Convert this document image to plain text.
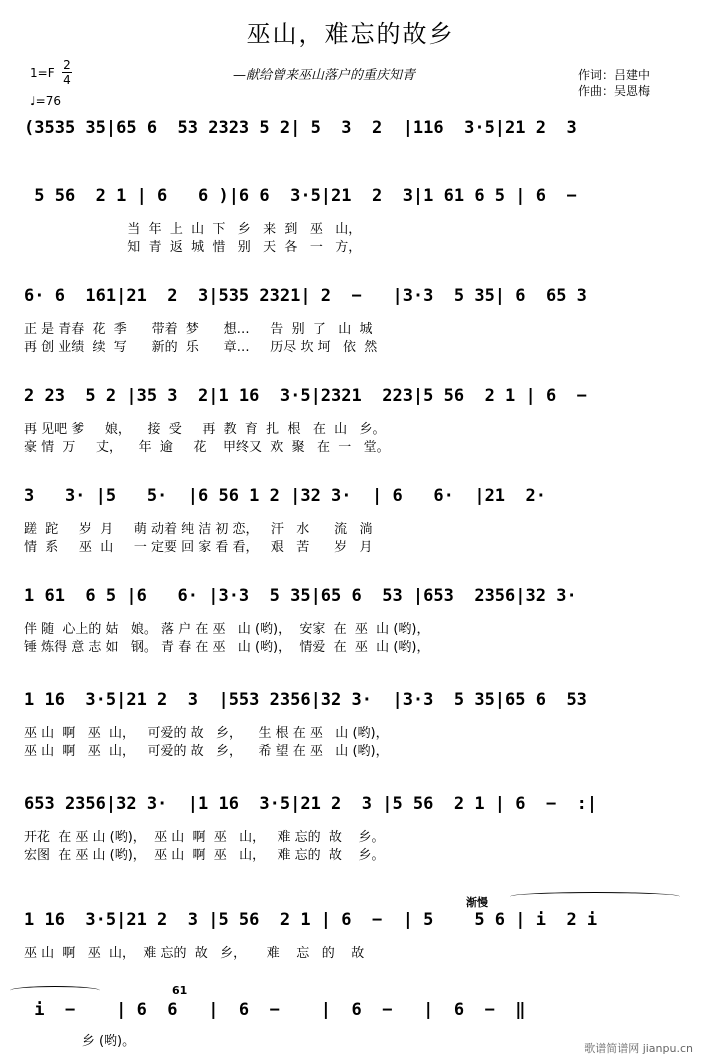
巫山，难忘的故乡
—献给曾来巫山落户的重庆知青	作词：吕建中
作曲：吴恩梅
1=F
2
4
♩=76
(3535 35|65 6  53 2323 5 2| 5  3  2  |116  3·5|21 2  3
5 56  2 1 | 6   6 )|6 6  3·5|21  2  3|1 61 6 5 | 6  −
当  年  上  山  下   乡   来  到   巫   山，
知  青  返  城  惜   别   天  各   一   方，
6· 6  161|21  2  3|535 2321| 2  −   |3·3  5 35| 6  65 3
正 是 青春  花  季      带着  梦      想…     告  别  了   山  城
再 创 业绩  续  写      新的  乐      章…     历尽 坎 坷   依  然
2 23  5 2 |35 3  2|1 16  3·5|2321  223|5 56  2 1 | 6  −
再 见吧 爹     娘，    接  受     再  教  育  扎  根   在  山   乡。
豪 情  万     丈，    年  逾     花    甲终又  欢  聚   在  一   堂。
3   3· |5   5·  |6 56 1 2 |32 3·  | 6   6·  |21  2·
蹉  跎     岁  月     萌 动着 纯 洁 初 恋，   汗   水      流   淌
情  系     巫  山     一 定要 回 家 看 看，   艰   苦      岁   月
1 61  6 5 |6   6· |3·3  5 35|65 6  53 |653  2356|32 3·
伴 随  心上的 姑   娘。 落 户 在 巫   山 (哟)，  安家  在  巫  山 (哟)，
锤 炼得 意 志 如   钢。 青 春 在 巫   山 (哟)，  情爱  在  巫  山 (哟)，
1 16  3·5|21 2  3  |553 2356|32 3·  |3·3  5 35|65 6  53
巫 山  啊   巫  山，   可爱的 故   乡，    生 根 在 巫   山 (哟)，
巫 山  啊   巫  山，   可爱的 故   乡，    希 望 在 巫   山 (哟)，
653 2356|32 3·  |1 16  3·5|21 2  3 |5 56  2 1 | 6  −  :|
开花  在 巫 山 (哟)，  巫 山  啊  巫   山，   难 忘的  故    乡。
宏图  在 巫 山 (哟)，  巫 山  啊  巫   山，   难 忘的  故    乡。
渐慢
1 16  3·5|21 2  3 |5 56  2 1 | 6  −  | 5    5 6 | i  2 i
巫 山  啊   巫  山，  难 忘的  故   乡，     难    忘   的    故
61
i  −    | 6  6   |  6  −    |  6  −   |  6  −  ‖
乡 (哟)。	歌谱简谱网 jianpu.cn
